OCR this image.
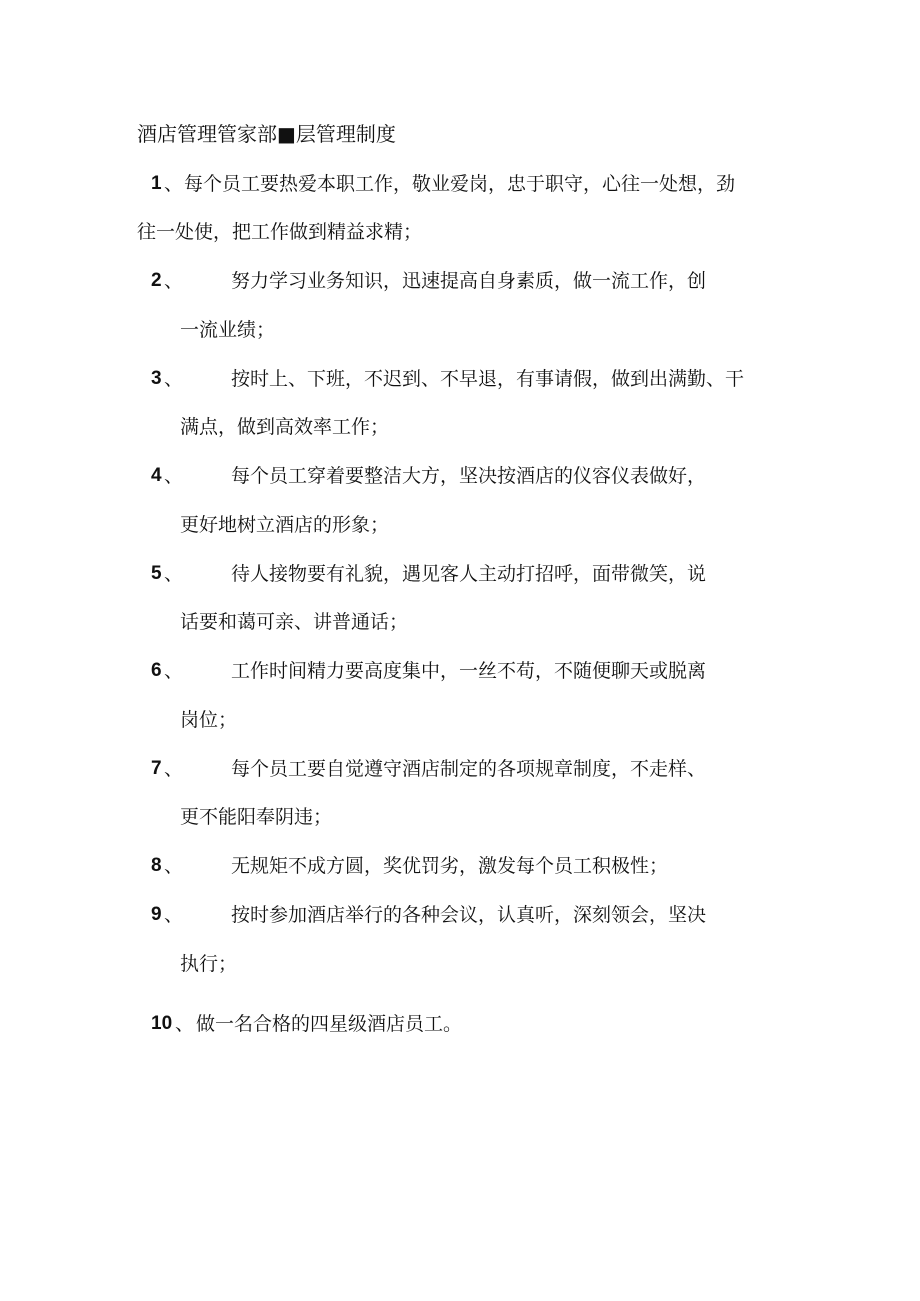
酒店管理管家部■层管理制度
1 、 每个员工要热爱本职工作，敬业爱岗，忠于职守，心往一处想，劲
往一处使，把工作做到精益求精；
2 、	努力学习业务知识，迅速提高自身素质，做一流工作，创
一流业绩；
3 、	按时上、下班，不迟到、不早退，有事请假，做到出满勤、干
满点，做到高效率工作；
4 、	每个员工穿着要整洁大方，坚决按酒店的仪容仪表做好，
更好地树立酒店的形象；
5 、	待人接物要有礼貌，遇见客人主动打招呼，面带微笑，说
话要和蔼可亲、讲普通话；
6 、	工作时间精力要高度集中，一丝不苟，不随便聊天或脱离
岗位；
7 、	每个员工要自觉遵守酒店制定的各项规章制度，不走样、
更不能阳奉阴违；
8 、	无规矩不成方圆，奖优罚劣，激发每个员工积极性；
9 、	按时参加酒店举行的各种会议，认真听，深刻领会，坚决
执行；
10 、 做一名合格的四星级酒店员工。
